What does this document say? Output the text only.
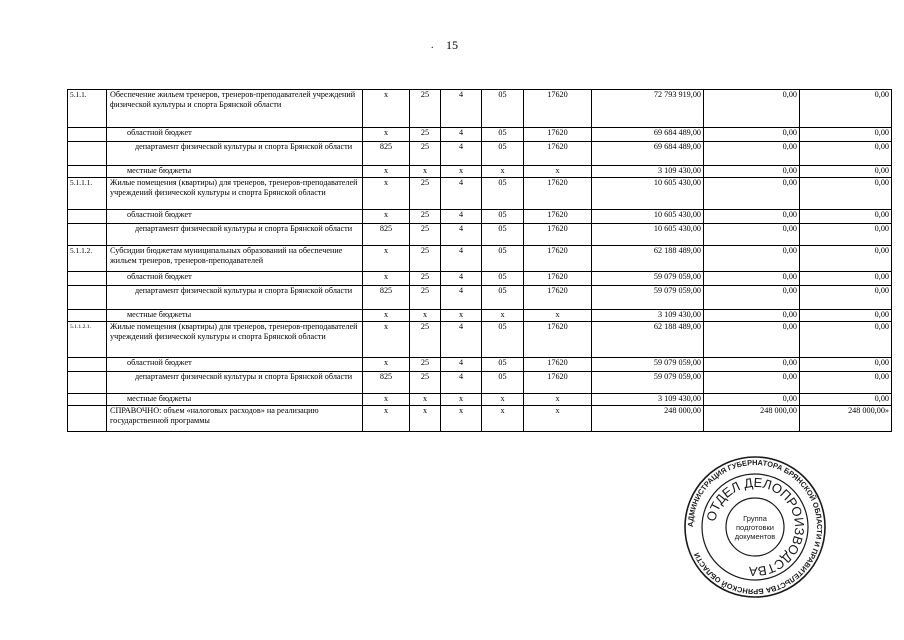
. 15
5.1.1.	Обеспечение жильем тренеров, тренеров-преподавателей учреждений физической культуры и спорта Брянской области	х	25	4	05	17620	72 793 919,00	0,00	0,00
	областной бюджет	х	25	4	05	17620	69 684 489,00	0,00	0,00
	департамент физической культуры и спорта Брянской области	825	25	4	05	17620	69 684 489,00	0,00	0,00
	местные бюджеты	х	х	х	х	х	3 109 430,00	0,00	0,00
5.1.1.1.	Жилые помещения (квартиры) для тренеров, тренеров-преподавателей учреждений физической культуры и спорта Брянской области	х	25	4	05	17620	10 605 430,00	0,00	0,00
	областной бюджет	х	25	4	05	17620	10 605 430,00	0,00	0,00
	департамент физической культуры и спорта Брянской области	825	25	4	05	17620	10 605 430,00	0,00	0,00
5.1.1.2.	Субсидии бюджетам муниципальных образований на обеспечение жильем тренеров, тренеров-преподавателей	х	25	4	05	17620	62 188 489,00	0,00	0,00
	областной бюджет	х	25	4	05	17620	59 079 059,00	0,00	0,00
	департамент физической культуры и спорта Брянской области	825	25	4	05	17620	59 079 059,00	0,00	0,00
	местные бюджеты	х	х	х	х	х	3 109 430,00	0,00	0,00
5.1.1.2.1.	Жилые помещения (квартиры) для тренеров, тренеров-преподавателей учреждений физической культуры и спорта Брянской области	х	25	4	05	17620	62 188 489,00	0,00	0,00
	областной бюджет	х	25	4	05	17620	59 079 059,00	0,00	0,00
	департамент физической культуры и спорта Брянской области	825	25	4	05	17620	59 079 059,00	0,00	0,00
	местные бюджеты	х	х	х	х	х	3 109 430,00	0,00	0,00
	СПРАВОЧНО: объем «налоговых расходов» на реализацию государственной программы	х	х	х	х	х	248 000,00	248 000,00	248 000,00»
АДМИНИСТРАЦИЯ ГУБЕРНАТОРА БРЯНСКОЙ ОБЛАСТИ И ПРАВИТЕЛЬСТВА БРЯНСКОЙ ОБЛАСТИ
ОТДЕЛ ДЕЛОПРОИЗВОДСТВА
Группа
подготовки
документов
